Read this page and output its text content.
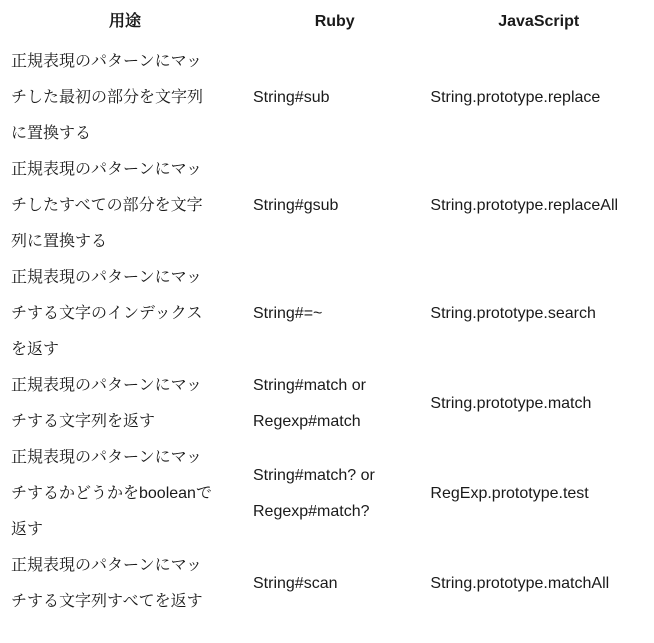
用途	Ruby	JavaScript

正規表現のパターンにマッ
チした最初の部分を文字列
に置換する	String#sub	String.prototype.replace

正規表現のパターンにマッ
チしたすべての部分を文字
列に置換する	String#gsub	String.prototype.replaceAll

正規表現のパターンにマッ
チする文字のインデックス
を返す	String#=~	String.prototype.search

正規表現のパターンにマッ
チする文字列を返す	String#match or
Regexp#match	String.prototype.match

正規表現のパターンにマッ
チするかどうかをbooleanで
返す	String#match? or
Regexp#match?	RegExp.prototype.test

正規表現のパターンにマッ
チする文字列すべてを返す	String#scan	String.prototype.matchAll
